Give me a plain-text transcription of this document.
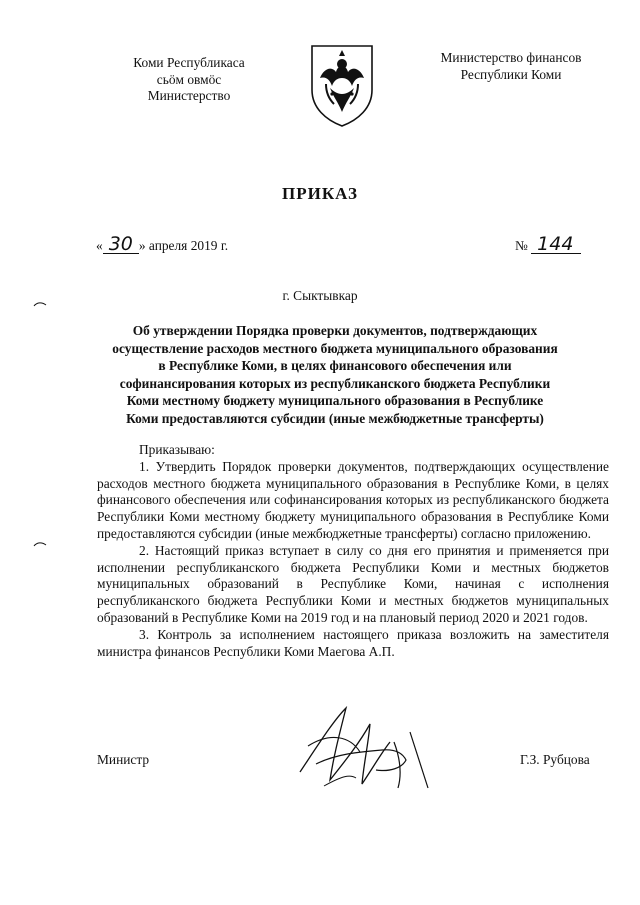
Коми Республикаса
сьӧм овмӧс
Министерство
Министерство финансов
Республики Коми
ПРИКАЗ
« 30 » апреля 2019 г.	№ 144
г. Сыктывкар
Об утверждении Порядка проверки документов, подтверждающих
осуществление расходов местного бюджета муниципального образования
в Республике Коми, в целях финансового обеспечения или
софинансирования которых из республиканского бюджета Республики
Коми местному бюджету муниципального образования в Республике
Коми предоставляются субсидии (иные межбюджетные трансферты)

Приказываю:

1. Утвердить Порядок проверки документов, подтверждающих осуществление расходов местного бюджета муниципального образования в Республике Коми, в целях финансового обеспечения или софинансирования которых из республиканского бюджета Республики Коми местному бюджету муниципального образования в Республике Коми предоставляются субсидии (иные межбюджетные трансферты) согласно приложению.

2. Настоящий приказ вступает в силу со дня его принятия и применяется при исполнении республиканского бюджета Республики Коми и местных бюджетов муниципальных образований в Республике Коми, начиная с исполнения республиканского бюджета Республики Коми и местных бюджетов муниципальных образований в Республике Коми на 2019 год и на плановый период 2020 и 2021 годов.

3. Контроль за исполнением настоящего приказа возложить на заместителя министра финансов Республики Коми Маегова А.П.

Министр	Г.З. Рубцова
